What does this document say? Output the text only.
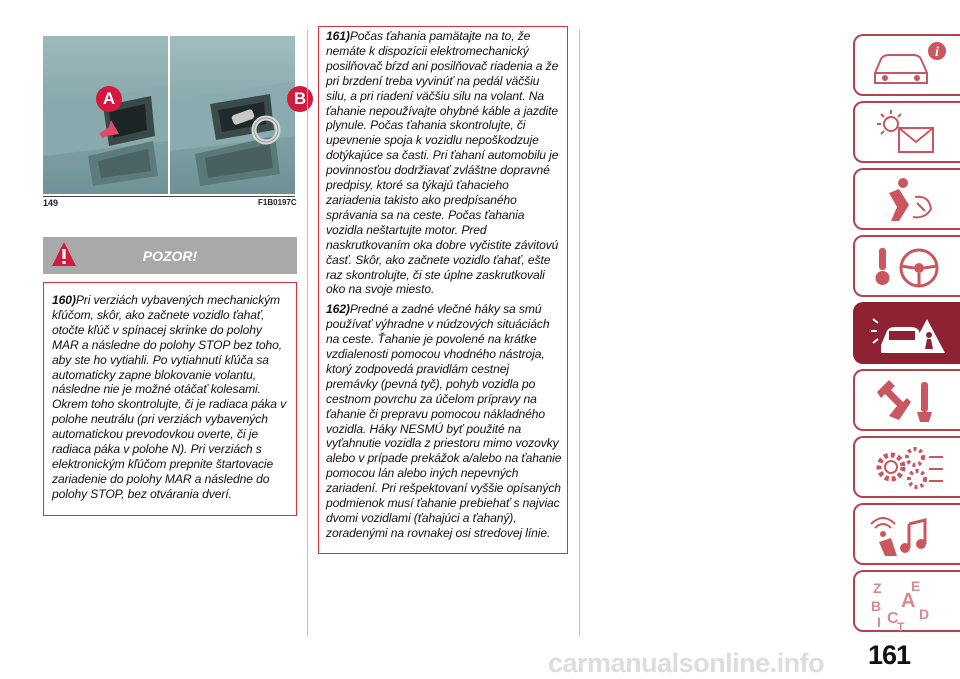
A	B
149	F1B0197C
POZOR!

160)Pri verziách vybavených mechanickým kľúčom, skôr, ako začnete vozidlo ťahať, otočte kľúč v spínacej skrinke do polohy MAR a následne do polohy STOP bez toho, aby ste ho vytiahli. Po vytiahnutí kľúča sa automaticky zapne blokovanie volantu, následne nie je možné otáčať kolesami. Okrem toho skontrolujte, či je radiaca páka v polohe neutrálu (pri verziách vybavených automatickou prevodovkou overte, či je radiaca páka v polohe N). Pri verziách s elektronickým kľúčom prepnite štartovacie zariadenie do polohy MAR a následne do polohy STOP, bez otvárania dverí.

161)Počas ťahania pamätajte na to, že nemáte k dispozícii elektromechanický posilňovač bŕzd ani posilňovač riadenia a že pri brzdení treba vyvinúť na pedál väčšiu silu, a pri riadení väčšiu silu na volant. Na ťahanie nepoužívajte ohybné káble a jazdite plynule. Počas ťahania skontrolujte, či upevnenie spoja k vozidlu nepoškodzuje dotýkajúce sa časti. Pri ťahaní automobilu je povinnosťou dodržiavať zvláštne dopravné predpisy, ktoré sa týkajú ťahacieho zariadenia takisto ako predpísaného správania sa na ceste. Počas ťahania vozidla neštartujte motor. Pred naskrutkovaním oka dobre vyčistite závitovú časť. Skôr, ako začnete vozidlo ťahať, ešte raz skontrolujte, či ste úplne zaskrutkovali oko na svoje miesto.

162)Predné a zadné vlečné háky sa smú používať výhradne v núdzových situáciách na ceste. Ťahanie je povolené na krátke vzdialenosti pomocou vhodného nástroja, ktorý zodpovedá pravidlám cestnej premávky (pevná tyč), pohyb vozidla po cestnom povrchu za účelom prípravy na ťahanie či prepravu pomocou nákladného vozidla. Háky NESMÚ byť použité na vyťahnutie vozidla z priestoru mimo vozovky alebo v prípade prekážok a/alebo na ťahanie pomocou lán alebo iných nepevných zariadení. Pri rešpektovaní vyššie opísaných podmienok musí ťahanie prebiehať s najviac dvomi vozidlami (ťahajúci a ťahaný), zoradenými na rovnakej osi stredovej línie.

i
Z E
B A
I C D
T
carmanualsonline.info 161
